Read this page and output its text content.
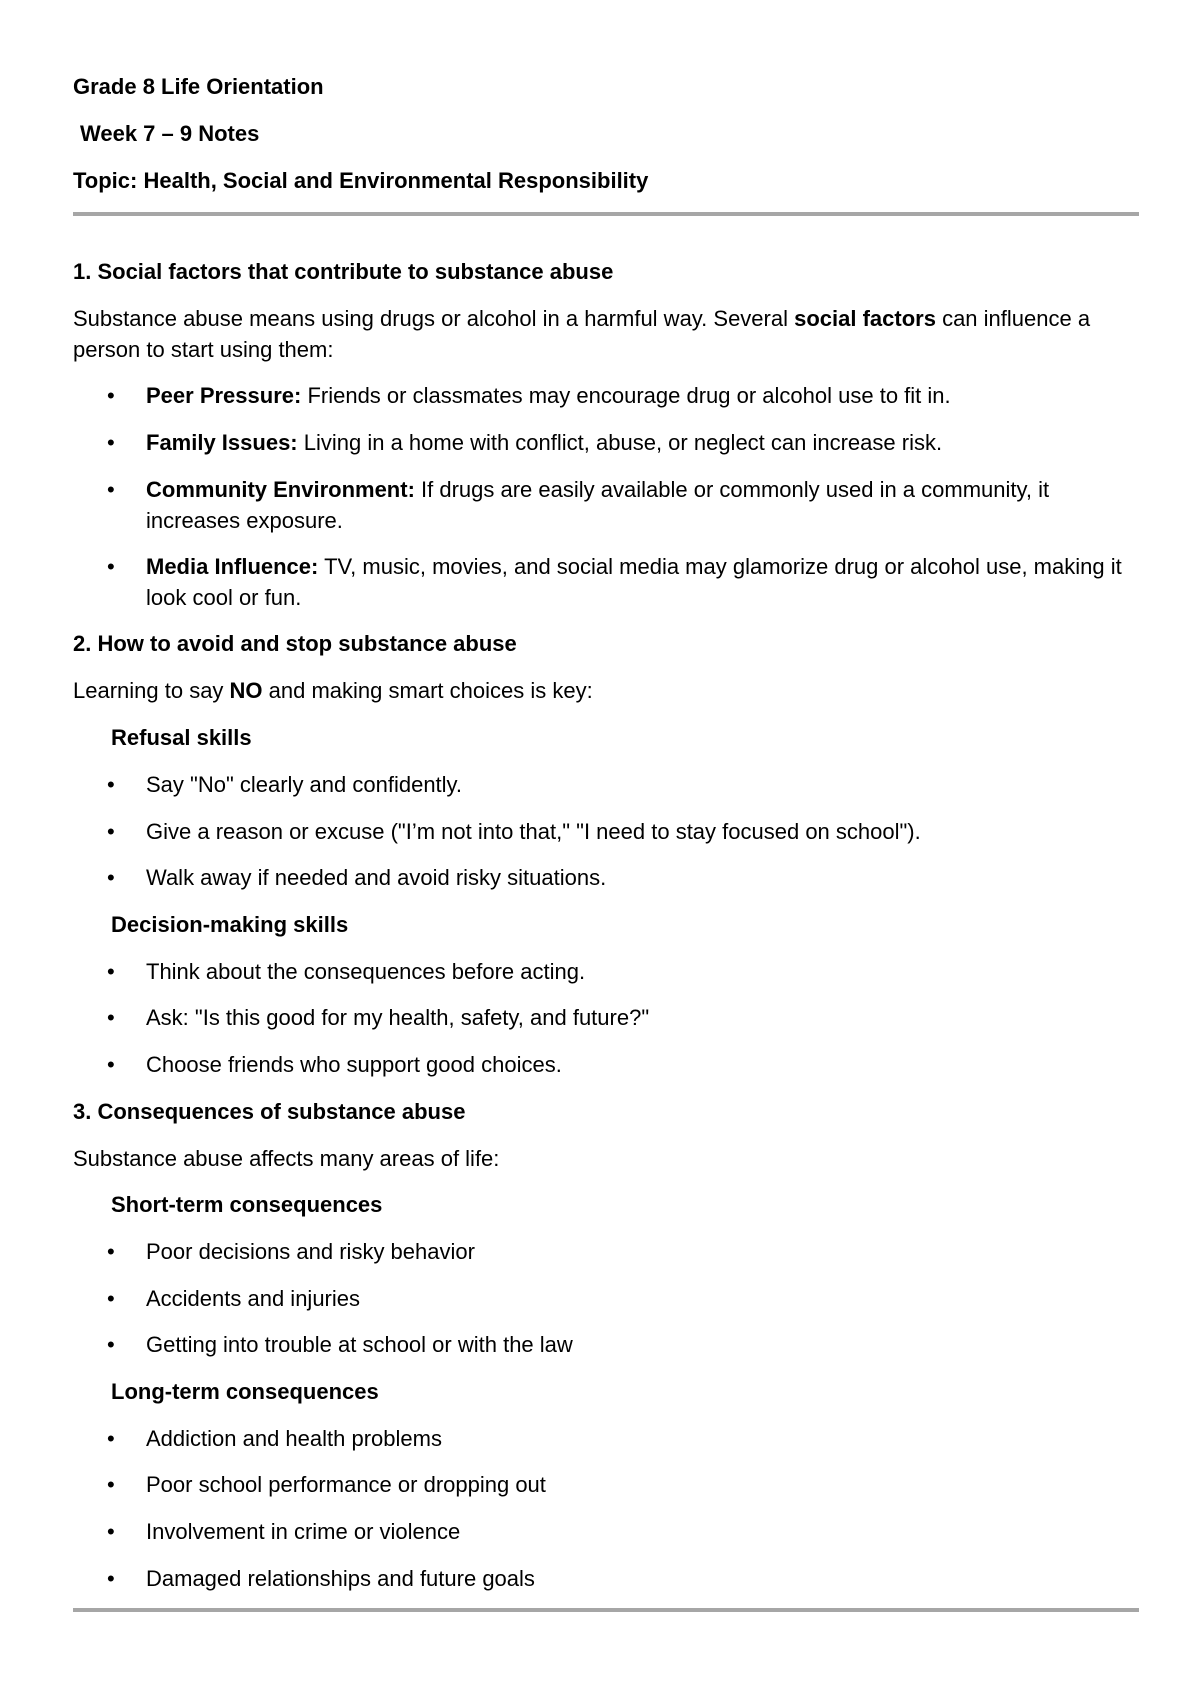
Grade 8 Life Orientation
Week 7 – 9 Notes
Topic: Health, Social and Environmental Responsibility
1. Social factors that contribute to substance abuse
Substance abuse means using drugs or alcohol in a harmful way. Several social factors can influence a person to start using them:
• Peer Pressure: Friends or classmates may encourage drug or alcohol use to fit in.
• Family Issues: Living in a home with conflict, abuse, or neglect can increase risk.
• Community Environment: If drugs are easily available or commonly used in a community, it increases exposure.
• Media Influence: TV, music, movies, and social media may glamorize drug or alcohol use, making it look cool or fun.
2. How to avoid and stop substance abuse
Learning to say NO and making smart choices is key:
Refusal skills
• Say "No" clearly and confidently.
• Give a reason or excuse ("I’m not into that," "I need to stay focused on school").
• Walk away if needed and avoid risky situations.
Decision-making skills
• Think about the consequences before acting.
• Ask: "Is this good for my health, safety, and future?"
• Choose friends who support good choices.
3. Consequences of substance abuse
Substance abuse affects many areas of life:
Short-term consequences
• Poor decisions and risky behavior
• Accidents and injuries
• Getting into trouble at school or with the law
Long-term consequences
• Addiction and health problems
• Poor school performance or dropping out
• Involvement in crime or violence
• Damaged relationships and future goals
